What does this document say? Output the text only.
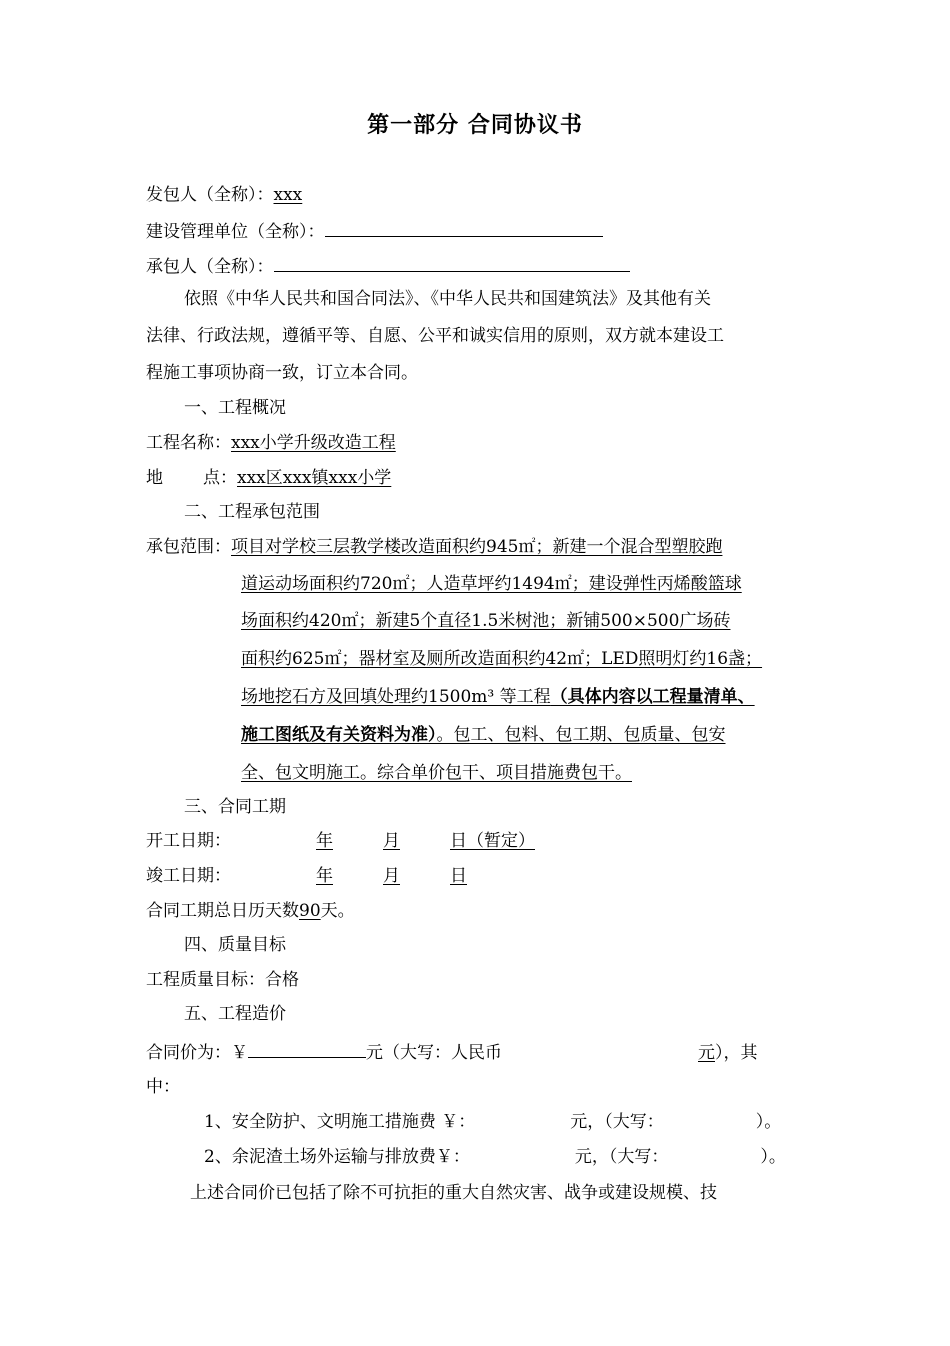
第一部分 合同协议书
发包人（全称）：xxx
建设管理单位（全称）：
承包人（全称）：
依照《中华人民共和国合同法》、《中华人民共和国建筑法》及其他有关
法律、行政法规，遵循平等、自愿、公平和诚实信用的原则，双方就本建设工
程施工事项协商一致，订立本合同。
一、工程概况
工程名称：xxx小学升级改造工程
地 点：xxx区xxx镇xxx小学
二、工程承包范围
承包范围：项目对学校三层教学楼改造面积约945㎡；新建一个混合型塑胶跑
道运动场面积约720㎡；人造草坪约1494㎡；建设弹性丙烯酸篮球
场面积约420㎡；新建5个直径1.5米树池；新铺500×500广场砖
面积约625㎡；器材室及厕所改造面积约42㎡；LED照明灯约16盏；
场地挖石方及回填处理约1500m³ 等工程（具体内容以工程量清单、
施工图纸及有关资料为准）。包工、包料、包工期、包质量、包安
全、包文明施工。综合单价包干、项目措施费包干。
三、合同工期
开工日期：	年	月	日（暂定）
竣工日期：	年	月	日
合同工期总日历天数90天。
四、质量目标
工程质量目标：合格
五、工程造价
合同价为：￥	元（大写：人民币	元），其
中：
1、安全防护、文明施工措施费 ￥：	元，（大写：	）。
2、余泥渣土场外运输与排放费￥：	元，（大写：	）。
上述合同价已包括了除不可抗拒的重大自然灾害、战争或建设规模、技
